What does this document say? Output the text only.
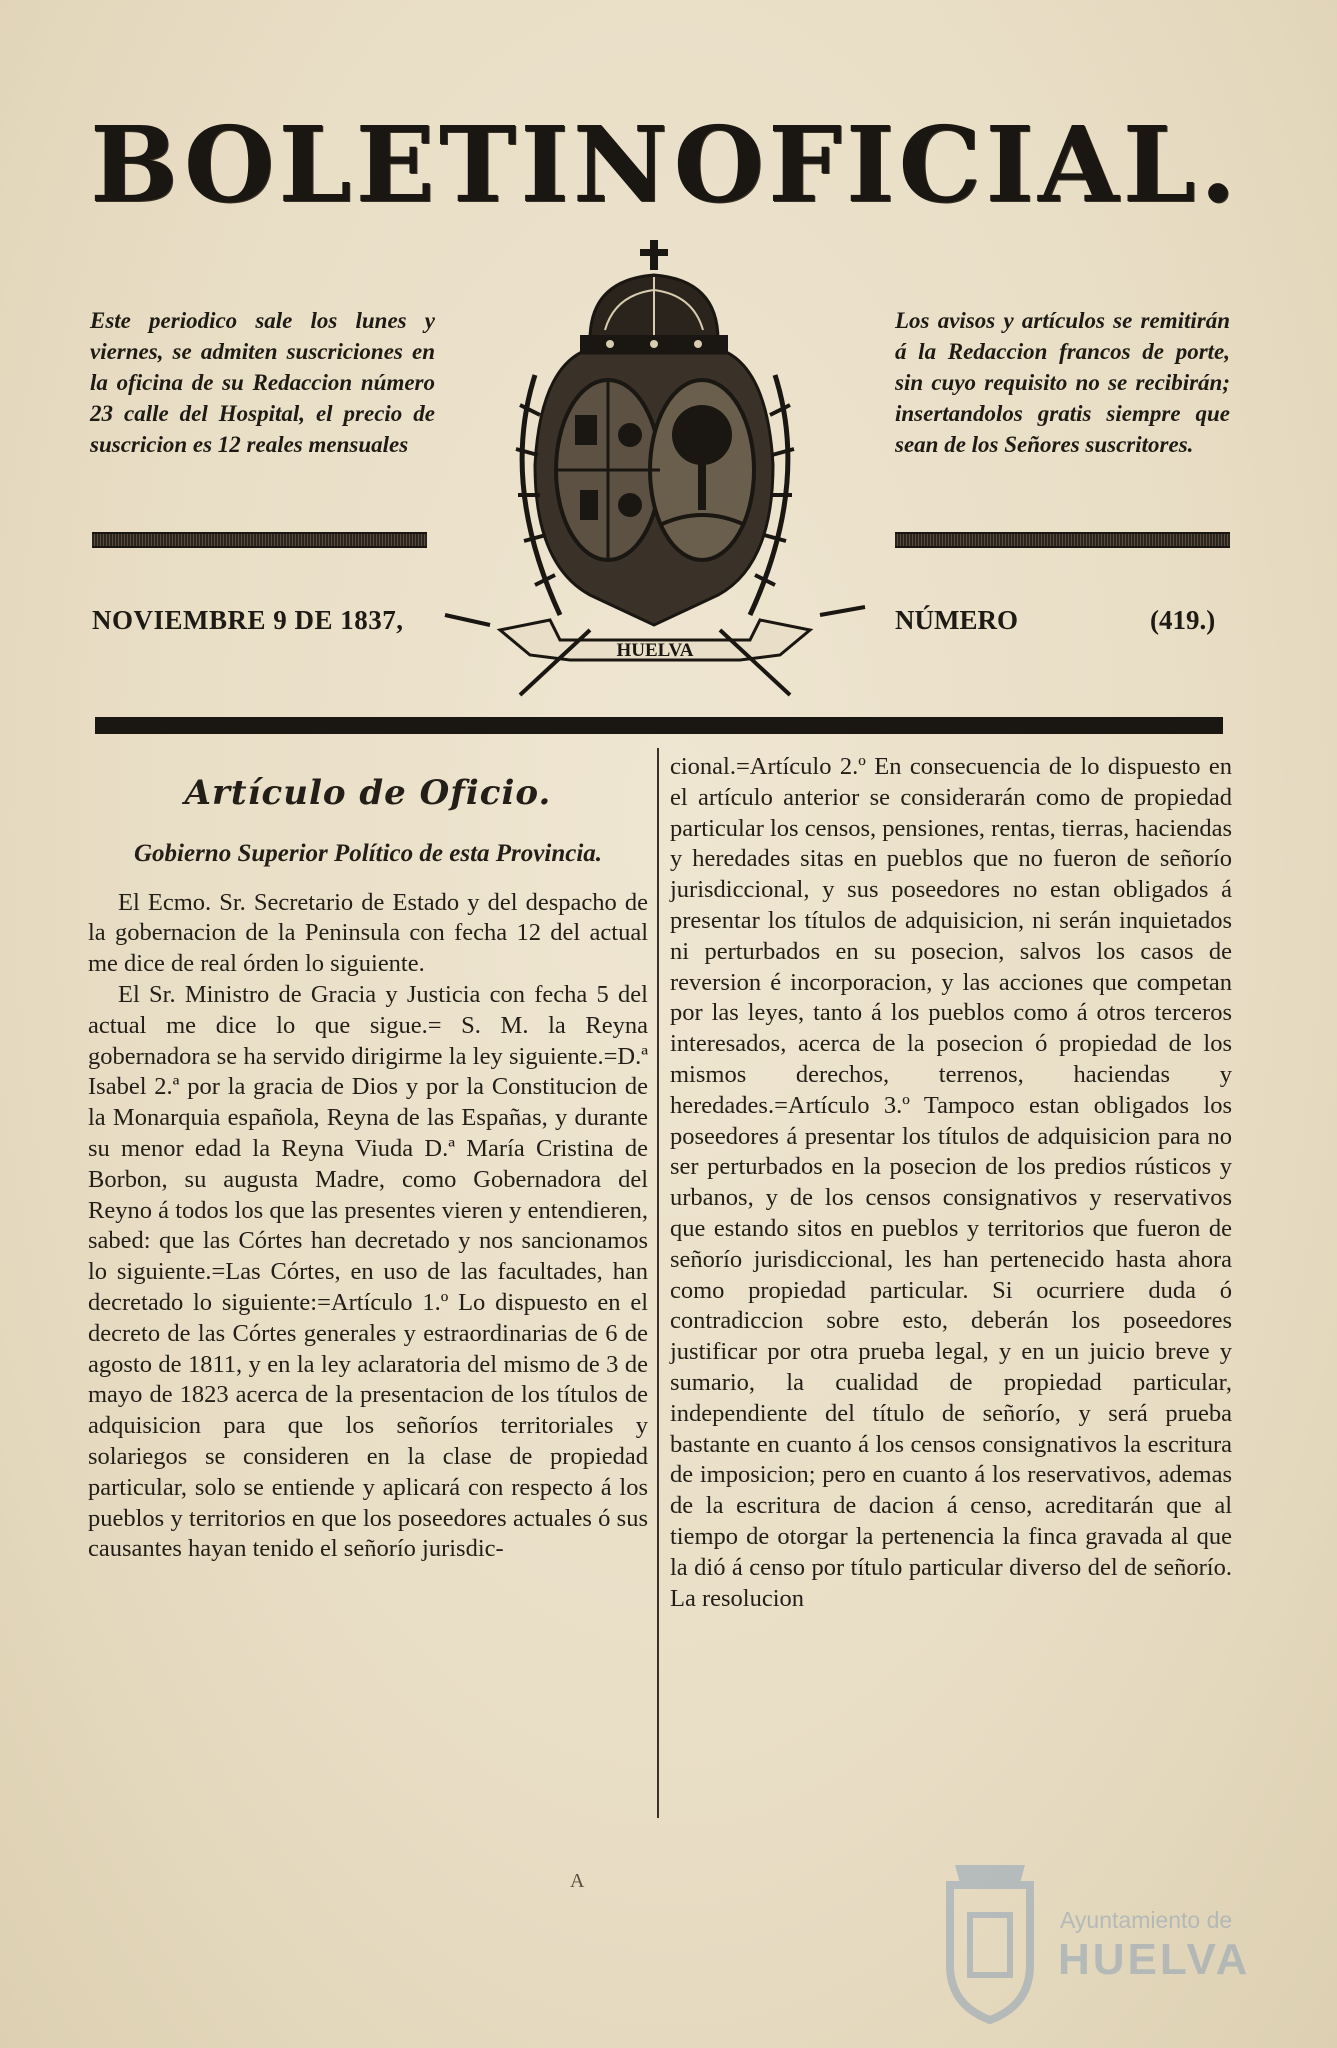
BOLETIN OFICIAL.
Este periodico sale los lunes y viernes, se admiten suscriciones en la oficina de su Redaccion número 23 calle del Hospital, el precio de suscricion es 12 reales mensuales
Los avisos y artículos se remitirán á la Redaccion francos de porte, sin cuyo requisito no se recibirán; insertandolos gratis siempre que sean de los Señores suscritores.
NOVIEMBRE 9 DE 1837,	NÚMERO	(419.)
HUELVA
Artículo de Oficio.
Gobierno Superior Político de esta Provincia.

El Ecmo. Sr. Secretario de Estado y del despacho de la gobernacion de la Peninsula con fecha 12 del actual me dice de real órden lo siguiente.

El Sr. Ministro de Gracia y Justicia con fecha 5 del actual me dice lo que sigue.= S. M. la Reyna gobernadora se ha servido dirigirme la ley siguiente.=D.ª Isabel 2.ª por la gracia de Dios y por la Constitucion de la Monarquia española, Reyna de las Españas, y durante su menor edad la Reyna Viuda D.ª María Cristina de Borbon, su augusta Madre, como Gobernadora del Reyno á todos los que las presentes vieren y entendieren, sabed: que las Córtes han decretado y nos sancionamos lo siguiente.=Las Córtes, en uso de las facultades, han decretado lo siguiente:=Artículo 1.º Lo dispuesto en el decreto de las Córtes generales y estraordinarias de 6 de agosto de 1811, y en la ley aclaratoria del mismo de 3 de mayo de 1823 acerca de la presentacion de los títulos de adquisicion para que los señoríos territoriales y solariegos se consideren en la clase de propiedad particular, solo se entiende y aplicará con respecto á los pueblos y territorios en que los poseedores actuales ó sus causantes hayan tenido el señorío jurisdic-

cional.=Artículo 2.º En consecuencia de lo dispuesto en el artículo anterior se considerarán como de propiedad particular los censos, pensiones, rentas, tierras, haciendas y heredades sitas en pueblos que no fueron de señorío jurisdiccional, y sus poseedores no estan obligados á presentar los títulos de adquisicion, ni serán inquietados ni perturbados en su posecion, salvos los casos de reversion é incorporacion, y las acciones que competan por las leyes, tanto á los pueblos como á otros terceros interesados, acerca de la posecion ó propiedad de los mismos derechos, terrenos, haciendas y heredades.=Artículo 3.º Tampoco estan obligados los poseedores á presentar los títulos de adquisicion para no ser perturbados en la posecion de los predios rústicos y urbanos, y de los censos consignativos y reservativos que estando sitos en pueblos y territorios que fueron de señorío jurisdiccional, les han pertenecido hasta ahora como propiedad particular. Si ocurriere duda ó contradiccion sobre esto, deberán los poseedores justificar por otra prueba legal, y en un juicio breve y sumario, la cualidad de propiedad particular, independiente del título de señorío, y será prueba bastante en cuanto á los censos consignativos la escritura de imposicion; pero en cuanto á los reservativos, ademas de la escritura de dacion á censo, acreditarán que al tiempo de otorgar la pertenencia la finca gravada al que la dió á censo por título particular diverso del de señorío. La resolucion

A
Ayuntamiento de
HUELVA
